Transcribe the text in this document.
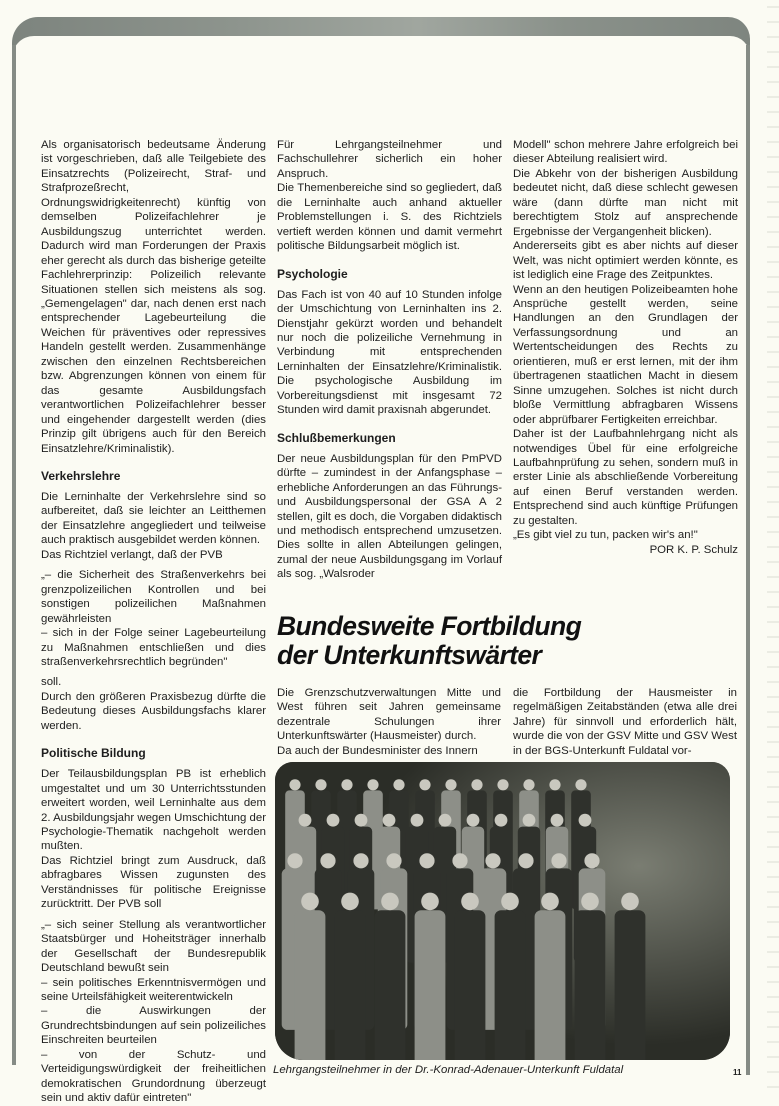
Als organisatorisch bedeutsame Änderung ist vorgeschrieben, daß alle Teilgebiete des Einsatzrechts (Polizeirecht, Straf- und Strafprozeßrecht, Ordnungswidrigkeitenrecht) künftig von demselben Polizeifachlehrer je Ausbildungszug unterrichtet werden. Dadurch wird man Forderungen der Praxis eher gerecht als durch das bisherige geteilte Fachlehrerprinzip: Polizeilich relevante Situationen stellen sich meistens als sog. „Gemengelagen" dar, nach denen erst nach entsprechender Lagebeurteilung die Weichen für präventives oder repressives Handeln gestellt werden. Zusammenhänge zwischen den einzelnen Rechtsbereichen bzw. Abgrenzungen können von einem für das gesamte Ausbildungsfach verantwortlichen Polizeifachlehrer besser und eingehender dargestellt werden (dies Prinzip gilt übrigens auch für den Bereich Einsatzlehre/Kriminalistik).

Verkehrslehre

Die Lerninhalte der Verkehrslehre sind so aufbereitet, daß sie leichter an Leitthemen der Einsatzlehre angegliedert und teilweise auch praktisch ausgebildet werden können.

Das Richtziel verlangt, daß der PVB

„– die Sicherheit des Straßenverkehrs bei grenzpolizeilichen Kontrollen und bei sonstigen polizeilichen Maßnahmen gewährleisten

– sich in der Folge seiner Lagebeurteilung zu Maßnahmen entschließen und dies straßenverkehrsrechtlich begründen"

soll.

Durch den größeren Praxisbezug dürfte die Bedeutung dieses Ausbildungsfachs klarer werden.

Politische Bildung

Der Teilausbildungsplan PB ist erheblich umgestaltet und um 30 Unterrichtsstunden erweitert worden, weil Lerninhalte aus dem 2. Ausbildungsjahr wegen Umschichtung der Psychologie-Thematik nachgeholt werden mußten.

Das Richtziel bringt zum Ausdruck, daß abfragbares Wissen zugunsten des Verständnisses für politische Ereignisse zurücktritt. Der PVB soll

„– sich seiner Stellung als verantwortlicher Staatsbürger und Hoheitsträger innerhalb der Gesellschaft der Bundesrepublik Deutschland bewußt sein

– sein politisches Erkenntnisvermögen und seine Urteilsfähigkeit weiterentwickeln

– die Auswirkungen der Grundrechtsbindungen auf sein polizeiliches Einschreiten beurteilen

– von der Schutz- und Verteidigungswürdigkeit der freiheitlichen demokratischen Grundordnung überzeugt sein und aktiv dafür eintreten"

Für Lehrgangsteilnehmer und Fachschullehrer sicherlich ein hoher Anspruch.

Die Themenbereiche sind so gegliedert, daß die Lerninhalte auch anhand aktueller Problemstellungen i. S. des Richtziels vertieft werden können und damit vermehrt politische Bildungsarbeit möglich ist.

Psychologie

Das Fach ist von 40 auf 10 Stunden infolge der Umschichtung von Lerninhalten ins 2. Dienstjahr gekürzt worden und behandelt nur noch die polizeiliche Vernehmung in Verbindung mit entsprechenden Lerninhalten der Einsatzlehre/Kriminalistik. Die psychologische Ausbildung im Vorbereitungsdienst mit insgesamt 72 Stunden wird damit praxisnah abgerundet.

Schlußbemerkungen

Der neue Ausbildungsplan für den PmPVD dürfte – zumindest in der Anfangsphase – erhebliche Anforderungen an das Führungs- und Ausbildungspersonal der GSA A 2 stellen, gilt es doch, die Vorgaben didaktisch und methodisch entsprechend umzusetzen. Dies sollte in allen Abteilungen gelingen, zumal der neue Ausbildungsgang im Vorlauf als sog. „Walsroder

Modell" schon mehrere Jahre erfolgreich bei dieser Abteilung realisiert wird.

Die Abkehr von der bisherigen Ausbildung bedeutet nicht, daß diese schlecht gewesen wäre (dann dürfte man nicht mit berechtigtem Stolz auf ansprechende Ergebnisse der Vergangenheit blicken).

Andererseits gibt es aber nichts auf dieser Welt, was nicht optimiert werden könnte, es ist lediglich eine Frage des Zeitpunktes.

Wenn an den heutigen Polizeibeamten hohe Ansprüche gestellt werden, seine Handlungen an den Grundlagen der Verfassungsordnung und an Wertentscheidungen des Rechts zu orientieren, muß er erst lernen, mit der ihm übertragenen staatlichen Macht in diesem Sinne umzugehen. Solches ist nicht durch bloße Vermittlung abfragbaren Wissens oder abprüfbarer Fertigkeiten erreichbar.

Daher ist der Laufbahnlehrgang nicht als notwendiges Übel für eine erfolgreiche Laufbahnprüfung zu sehen, sondern muß in erster Linie als abschließende Vorbereitung auf einen Beruf verstanden werden. Entsprechend sind auch künftige Prüfungen zu gestalten.

„Es gibt viel zu tun, packen wir's an!"

POR K. P. Schulz

Bundesweite Fortbildung
der Unterkunftswärter

Die Grenzschutzverwaltungen Mitte und West führen seit Jahren gemeinsame dezentrale Schulungen ihrer Unterkunftswärter (Hausmeister) durch.

Da auch der Bundesminister des Innern

die Fortbildung der Hausmeister in regelmäßigen Zeitabständen (etwa alle drei Jahre) für sinnvoll und erforderlich hält, wurde die von der GSV Mitte und GSV West in der BGS-Unterkunft Fuldatal vor-

Lehrgangsteilnehmer in der Dr.-Konrad-Adenauer-Unterkunft Fuldatal	11
